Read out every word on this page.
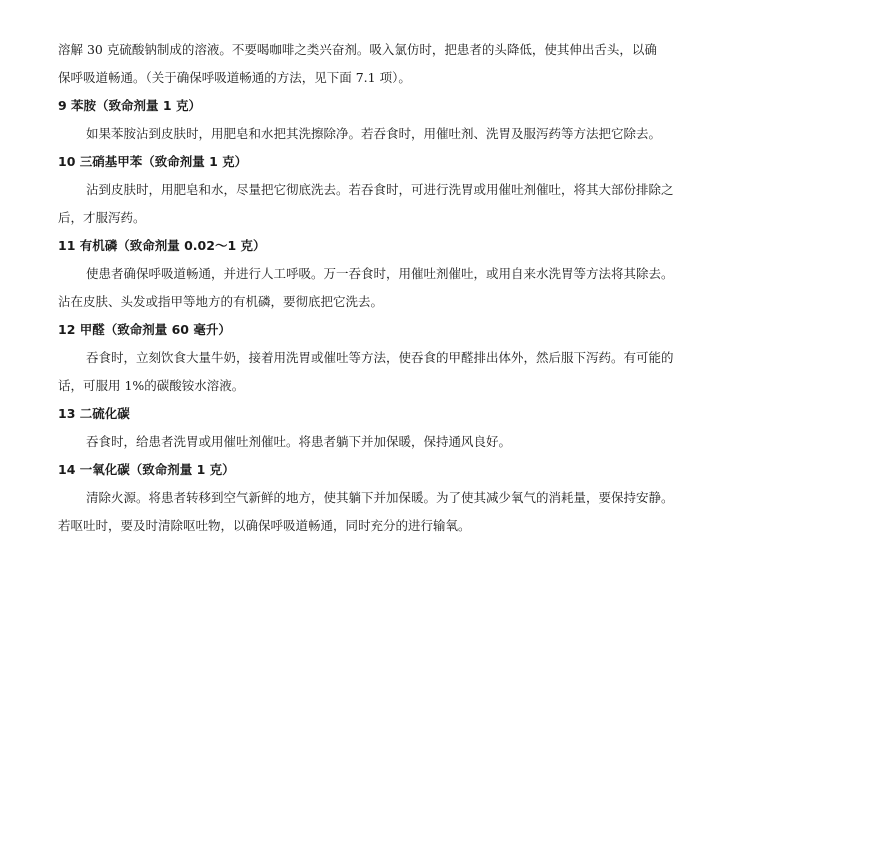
溶解 30 克硫酸钠制成的溶液。不要喝咖啡之类兴奋剂。吸入氯仿时，把患者的头降低，使其伸出舌头，以确
保呼吸道畅通。（关于确保呼吸道畅通的方法，见下面 7.1 项）。
9 苯胺（致命剂量 1 克）
如果苯胺沾到皮肤时，用肥皂和水把其洗擦除净。若吞食时，用催吐剂、洗胃及服泻药等方法把它除去。
10 三硝基甲苯（致命剂量 1 克）
沾到皮肤时，用肥皂和水，尽量把它彻底洗去。若吞食时，可进行洗胃或用催吐剂催吐，将其大部份排除之
后，才服泻药。
11 有机磷（致命剂量 0.02～1 克）
使患者确保呼吸道畅通，并进行人工呼吸。万一吞食时，用催吐剂催吐，或用自来水洗胃等方法将其除去。
沾在皮肤、头发或指甲等地方的有机磷，要彻底把它洗去。
12 甲醛（致命剂量 60 毫升）
吞食时，立刻饮食大量牛奶，接着用洗胃或催吐等方法，使吞食的甲醛排出体外，然后服下泻药。有可能的
话，可服用 1%的碳酸铵水溶液。
13 二硫化碳
吞食时，给患者洗胃或用催吐剂催吐。将患者躺下并加保暖，保持通风良好。
14 一氧化碳（致命剂量 1 克）
清除火源。将患者转移到空气新鲜的地方，使其躺下并加保暖。为了使其减少氧气的消耗量，要保持安静。
若呕吐时，要及时清除呕吐物，以确保呼吸道畅通，同时充分的进行输氧。
